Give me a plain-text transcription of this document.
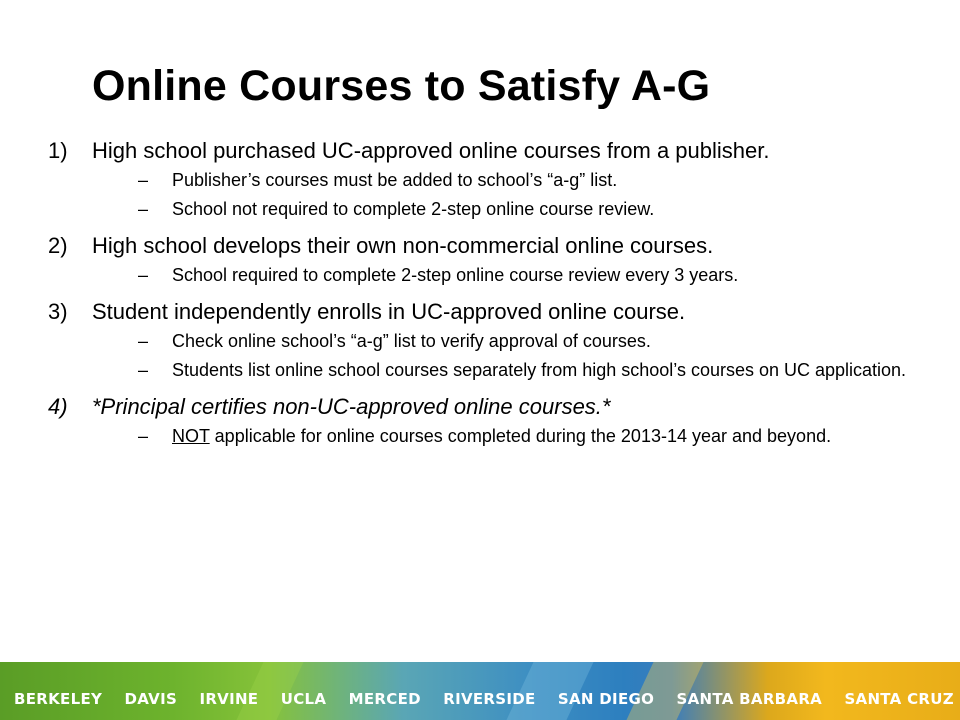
Online Courses to Satisfy A-G
1) High school purchased UC-approved online courses from a publisher.
– Publisher’s courses must be added to school’s “a-g” list.
– School not required to complete 2-step online course review.
2) High school develops their own non-commercial online courses.
– School required to complete 2-step online course review every 3 years.
3) Student independently enrolls in UC-approved online course.
– Check online school’s “a-g” list to verify approval of courses.
– Students list online school courses separately from high school’s courses on UC application.
4) *Principal certifies non-UC-approved online courses.*
– NOT applicable for online courses completed during the 2013-14 year and beyond.
BERKELEY DAVIS IRVINE UCLA MERCED RIVERSIDE SAN DIEGO SANTA BARBARA SANTA CRUZ
